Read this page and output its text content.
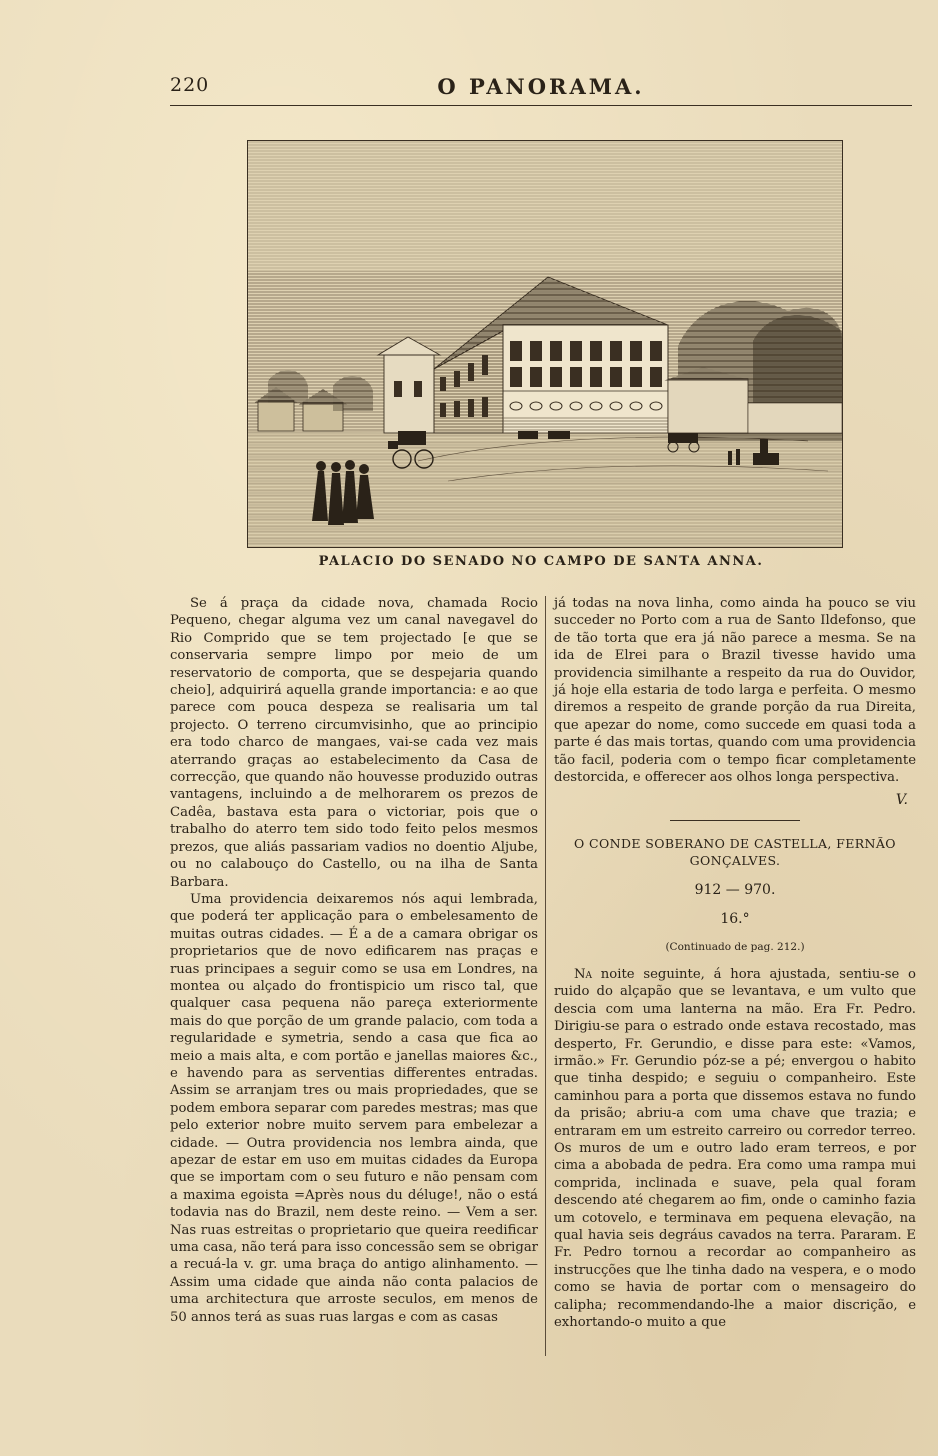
220	O PANORAMA.
PALACIO DO SENADO NO CAMPO DE SANTA ANNA.

Se á praça da cidade nova, chamada Rocio Pequeno, chegar alguma vez um canal navegavel do Rio Comprido que se tem projectado [e que se conservaria sempre limpo por meio de um reservatorio de comporta, que se despejaria quando cheio], adquirirá aquella grande importancia: e ao que parece com pouca despeza se realisaria um tal projecto. O terreno circumvisinho, que ao principio era todo charco de mangaes, vai-se cada vez mais aterrando graças ao estabelecimento da Casa de correcção, que quando não houvesse produzido outras vantagens, incluindo a de melhorarem os prezos de Cadêa, bastava esta para o victoriar, pois que o trabalho do aterro tem sido todo feito pelos mesmos prezos, que aliás passariam vadios no doentio Aljube, ou no calabouço do Castello, ou na ilha de Santa Barbara.

Uma providencia deixaremos nós aqui lembrada, que poderá ter applicação para o embelesamento de muitas outras cidades. — É a de a camara obrigar os proprietarios que de novo edificarem nas praças e ruas principaes a seguir como se usa em Londres, na montea ou alçado do frontispicio um risco tal, que qualquer casa pequena não pareça exteriormente mais do que porção de um grande palacio, com toda a regularidade e symetria, sendo a casa que fica ao meio a mais alta, e com portão e janellas maiores &c., e havendo para as serventias differentes entradas. Assim se arranjam tres ou mais propriedades, que se podem embora separar com paredes mestras; mas que pelo exterior nobre muito servem para embelezar a cidade. — Outra providencia nos lembra ainda, que apezar de estar em uso em muitas cidades da Europa que se importam com o seu futuro e não pensam com a maxima egoista =Après nous du déluge!, não o está todavia nas do Brazil, nem deste reino. — Vem a ser. Nas ruas estreitas o proprietario que queira reedificar uma casa, não terá para isso concessão sem se obrigar a recuá-la v. gr. uma braça do antigo alinhamento. — Assim uma cidade que ainda não conta palacios de uma architectura que arroste seculos, em menos de 50 annos terá as suas ruas largas e com as casas

já todas na nova linha, como ainda ha pouco se viu succeder no Porto com a rua de Santo Ildefonso, que de tão torta que era já não parece a mesma. Se na ida de Elrei para o Brazil tivesse havido uma providencia similhante a respeito da rua do Ouvidor, já hoje ella estaria de todo larga e perfeita. O mesmo diremos a respeito de grande porção da rua Direita, que apezar do nome, como succede em quasi toda a parte é das mais tortas, quando com uma providencia tão facil, poderia com o tempo ficar completamente destorcida, e offerecer aos olhos longa perspectiva.

V.
O CONDE SOBERANO DE CASTELLA, FERNÃO GONÇALVES.
912 — 970.
16.°
(Continuado de pag. 212.)

Na noite seguinte, á hora ajustada, sentiu-se o ruido do alçapão que se levantava, e um vulto que descia com uma lanterna na mão. Era Fr. Pedro. Dirigiu-se para o estrado onde estava recostado, mas desperto, Fr. Gerundio, e disse para este: «Vamos, irmão.» Fr. Gerundio póz-se a pé; envergou o habito que tinha despido; e seguiu o companheiro. Este caminhou para a porta que dissemos estava no fundo da prisão; abriu-a com uma chave que trazia; e entraram em um estreito carreiro ou corredor terreo. Os muros de um e outro lado eram terreos, e por cima a abobada de pedra. Era como uma rampa mui comprida, inclinada e suave, pela qual foram descendo até chegarem ao fim, onde o caminho fazia um cotovelo, e terminava em pequena elevação, na qual havia seis degráus cavados na terra. Pararam. E Fr. Pedro tornou a recordar ao companheiro as instrucções que lhe tinha dado na vespera, e o modo como se havia de portar com o mensageiro do calipha; recommendando-lhe a maior discrição, e exhortando-o muito a que
